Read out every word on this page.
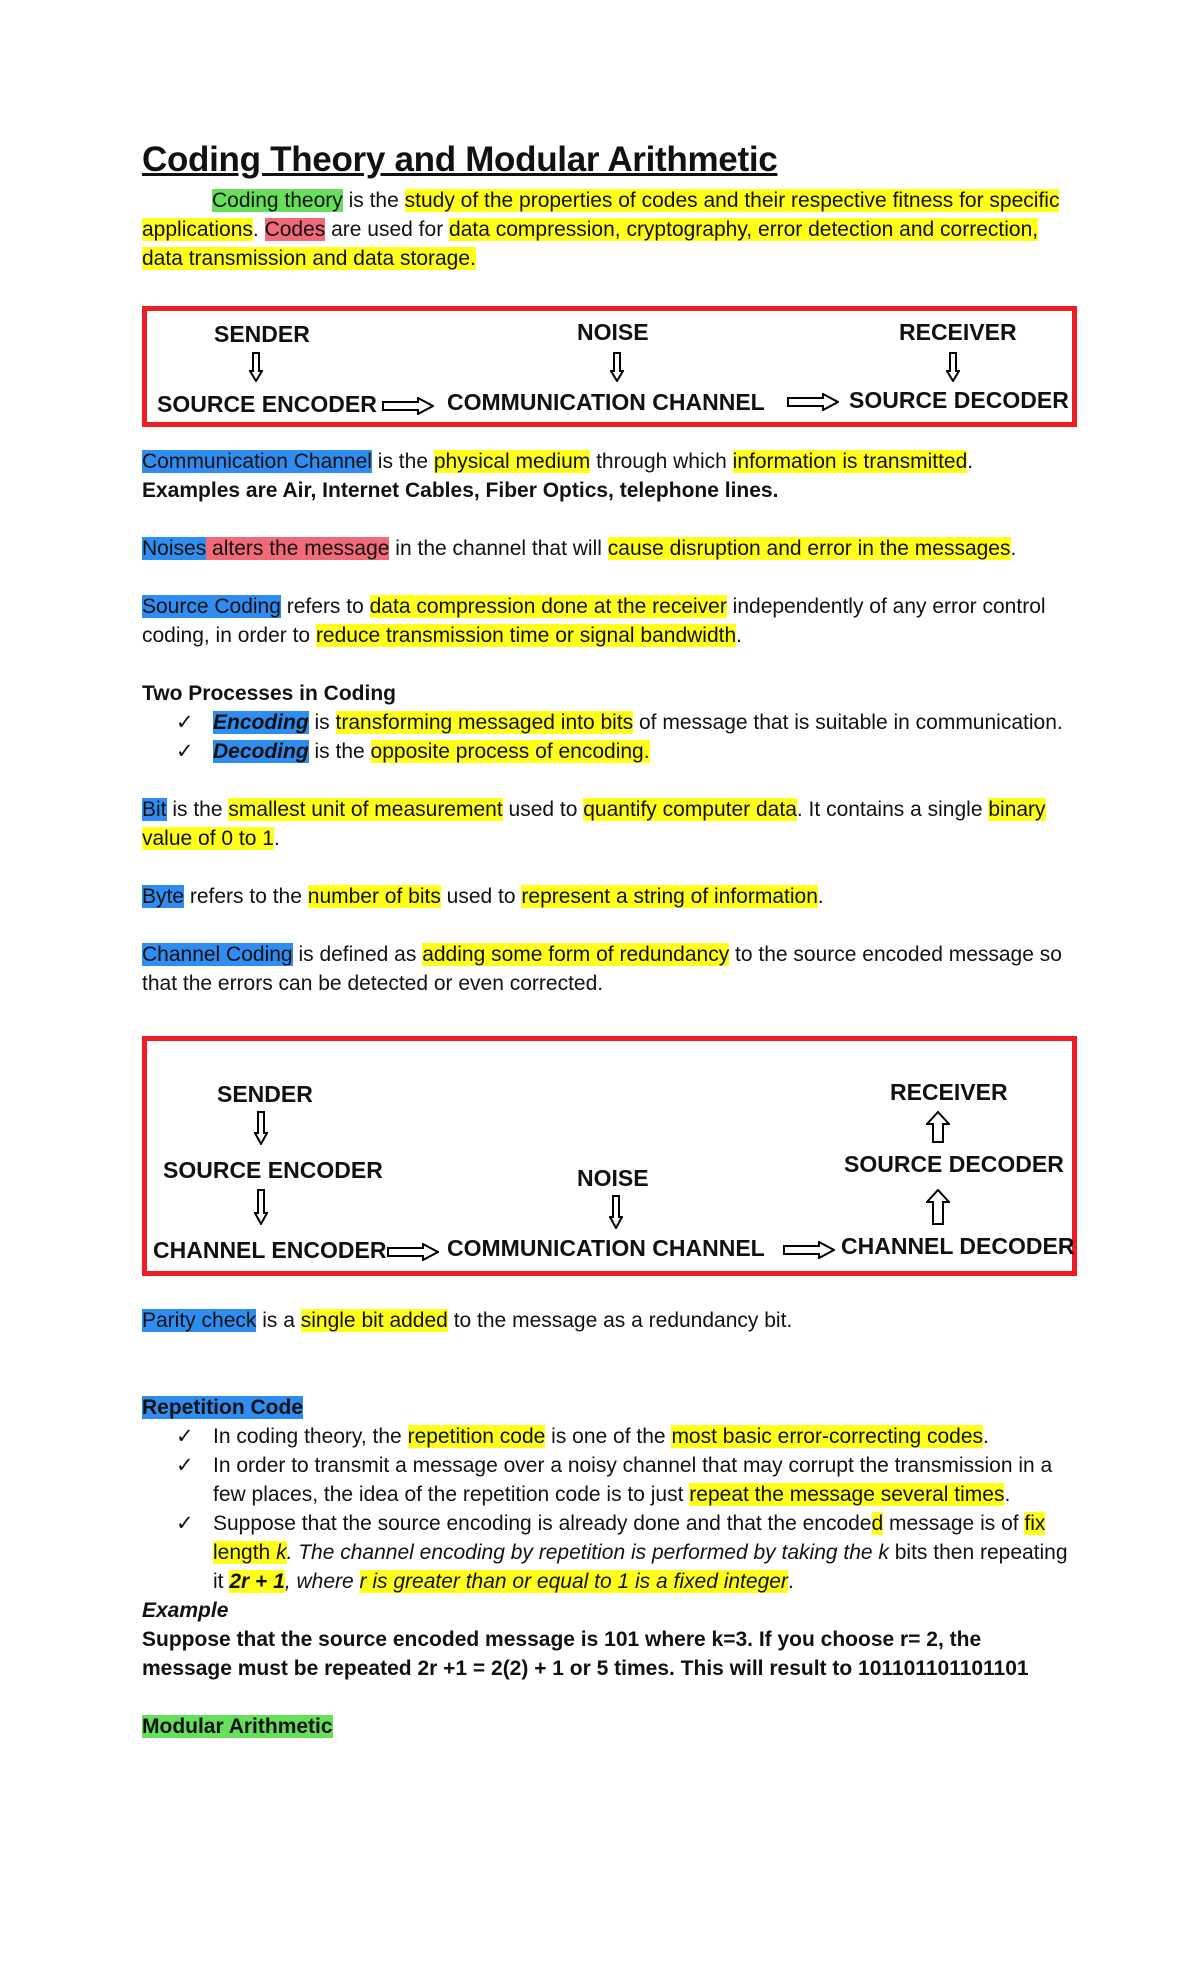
Coding Theory and Modular Arithmetic

Coding theory is the study of the properties of codes and their respective fitness for specific applications. Codes are used for data compression, cryptography, error detection and correction, data transmission and data storage.

SENDER	NOISE	RECEIVER
SOURCE ENCODER	COMMUNICATION CHANNEL	SOURCE DECODER

Communication Channel is the physical medium through which information is transmitted.

Examples are Air, Internet Cables, Fiber Optics, telephone lines.

Noises alters the message in the channel that will cause disruption and error in the messages.

Source Coding refers to data compression done at the receiver independently of any error control coding, in order to reduce transmission time or signal bandwidth.

Two Processes in Coding

✓ Encoding is transforming messaged into bits of message that is suitable in communication.
✓ Decoding is the opposite process of encoding.

Bit is the smallest unit of measurement used to quantify computer data. It contains a single binary value of 0 to 1.

Byte refers to the number of bits used to represent a string of information.

Channel Coding is defined as adding some form of redundancy to the source encoded message so that the errors can be detected or even corrected.

SENDER
SOURCE ENCODER
CHANNEL ENCODER
NOISE
COMMUNICATION CHANNEL
RECEIVER
SOURCE DECODER
CHANNEL DECODER

Parity check is a single bit added to the message as a redundancy bit.

Repetition Code

✓ In coding theory, the repetition code is one of the most basic error-correcting codes.
✓ In order to transmit a message over a noisy channel that may corrupt the transmission in a few places, the idea of the repetition code is to just repeat the message several times.
✓ Suppose that the source encoding is already done and that the encoded message is of fix length k. The channel encoding by repetition is performed by taking the k bits then repeating it 2r + 1, where r is greater than or equal to 1 is a fixed integer.

Example

Suppose that the source encoded message is 101 where k=3. If you choose r= 2, the message must be repeated 2r +1 = 2(2) + 1 or 5 times. This will result to 101101101101101

Modular Arithmetic
